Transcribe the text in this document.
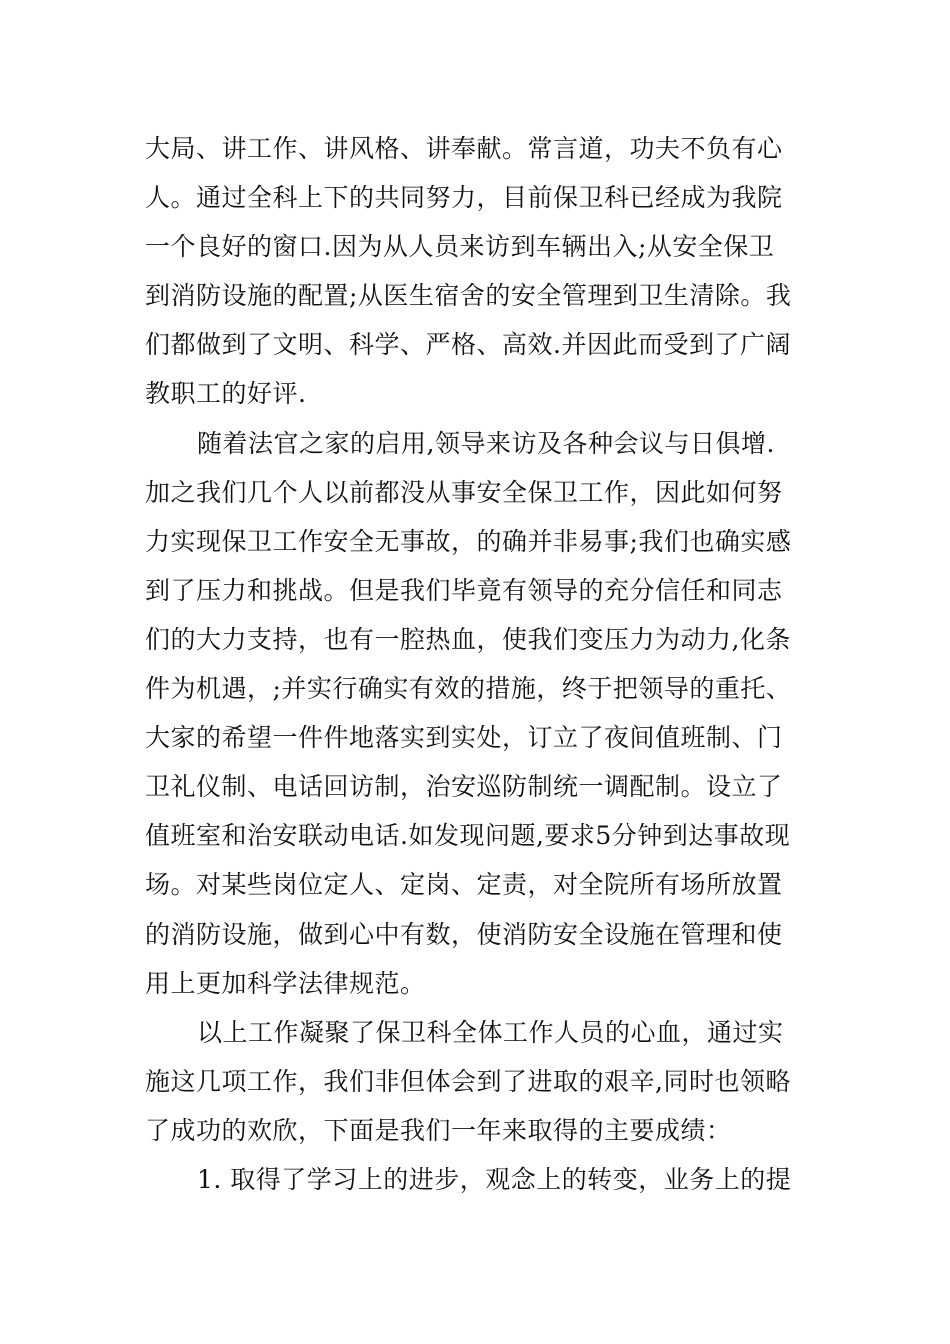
大局、讲工作、讲风格、讲奉献。常言道，功夫不负有心
人。通过全科上下的共同努力，目前保卫科已经成为我院
一个良好的窗口.因为从人员来访到车辆出入;从安全保卫
到消防设施的配置;从医生宿舍的安全管理到卫生清除。我
们都做到了文明、科学、严格、高效.并因此而受到了广阔
教职工的好评.
随着法官之家的启用,领导来访及各种会议与日俱增.
加之我们几个人以前都没从事安全保卫工作，因此如何努
力实现保卫工作安全无事故，的确并非易事;我们也确实感
到了压力和挑战。但是我们毕竟有领导的充分信任和同志
们的大力支持，也有一腔热血，使我们变压力为动力,化条
件为机遇，;并实行确实有效的措施，终于把领导的重托、
大家的希望一件件地落实到实处，订立了夜间值班制、门
卫礼仪制、电话回访制，治安巡防制统一调配制。设立了
值班室和治安联动电话.如发现问题,要求5分钟到达事故现
场。对某些岗位定人、定岗、定责，对全院所有场所放置
的消防设施，做到心中有数，使消防安全设施在管理和使
用上更加科学法律规范。
以上工作凝聚了保卫科全体工作人员的心血，通过实
施这几项工作，我们非但体会到了进取的艰辛,同时也领略
了成功的欢欣，下面是我们一年来取得的主要成绩：
1. 取得了学习上的进步，观念上的转变，业务上的提
